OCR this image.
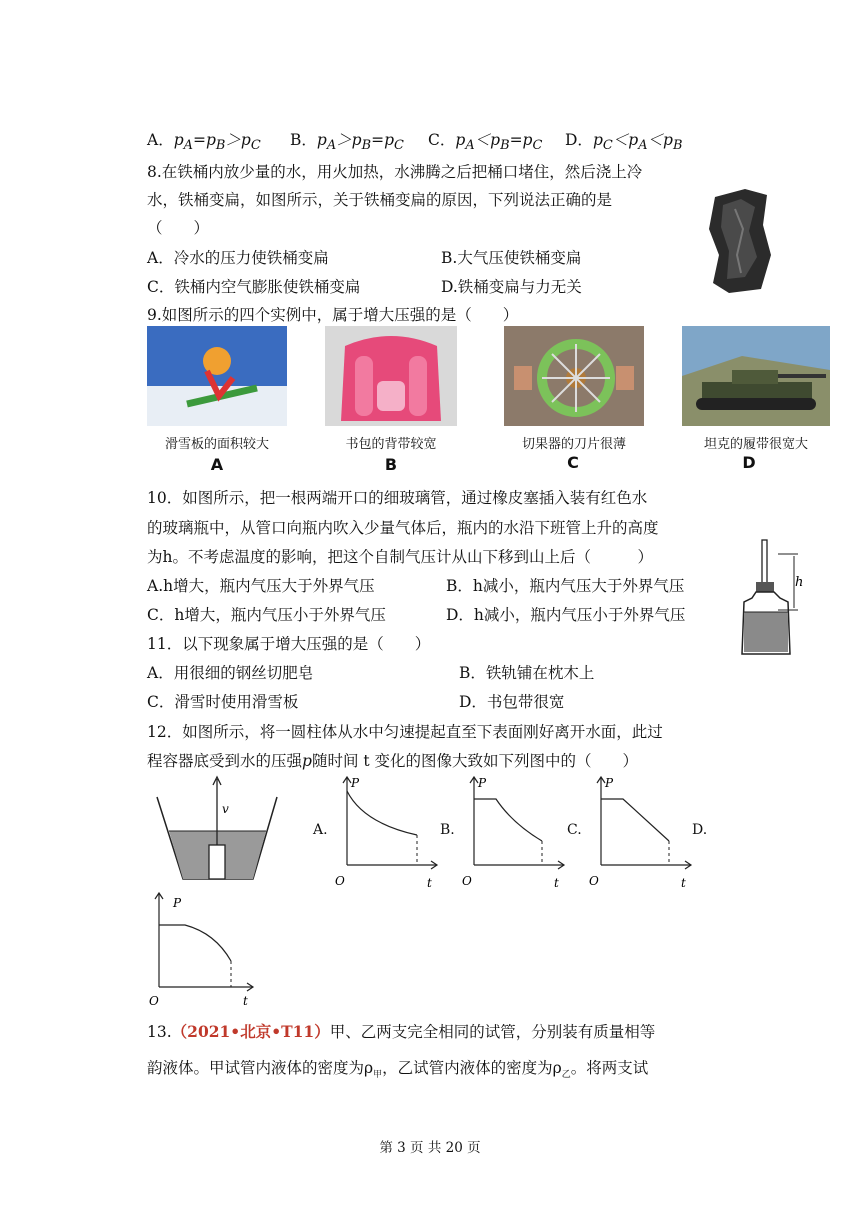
A．$p_A=p_B>p_C$ B．$p_A>p_B=p_C$ C．$p_A<p_B=p_C$ D．$p_C<p_A<p_B$
8.在铁桶内放少量的水，用火加热，水沸腾之后把桶口堵住，然后浇上冷
水，铁桶变扁，如图所示，关于铁桶变扁的原因，下列说法正确的是
（　　）
A．冷水的压力使铁桶变扁	B.大气压使铁桶变扁
C．铁桶内空气膨胀使铁桶变扁	D.铁桶变扁与力无关
9.如图所示的四个实例中，属于增大压强的是（　　）
滑雪板的面积较大	书包的背带较宽	切果器的刀片很薄	坦克的履带很宽大
A	B	C	D
10．如图所示，把一根两端开口的细玻璃管，通过橡皮塞插入装有红色水
的玻璃瓶中，从管口向瓶内吹入少量气体后，瓶内的水沿下班管上升的高度
为h。不考虑温度的影响，把这个自制气压计从山下移到山上后（　　　）
A.h增大，瓶内气压大于外界气压	B．h减小，瓶内气压大于外界气压
C．h增大，瓶内气压小于外界气压	D．h减小，瓶内气压小于外界气压
h
11．以下现象属于增大压强的是（　　）
A．用很细的钢丝切肥皂	B．铁轨铺在枕木上
C．滑雪时使用滑雪板	D．书包带很宽
12．如图所示，将一圆柱体从水中匀速提起直至下表面刚好离开水面，此过
程容器底受到水的压强p随时间 t 变化的图像大致如下列图中的（　　）
v
A.	B.	C.	D.
P
O	t
P
O	t
P
O	t
P
O	t
13.（2021•北京•T11）甲、乙两支完全相同的试管，分别装有质量相等
韵液体。甲试管内液体的密度为$\rho_甲$，乙试管内液体的密度为$\rho_乙$。将两支试
第 3 页 共 20 页
